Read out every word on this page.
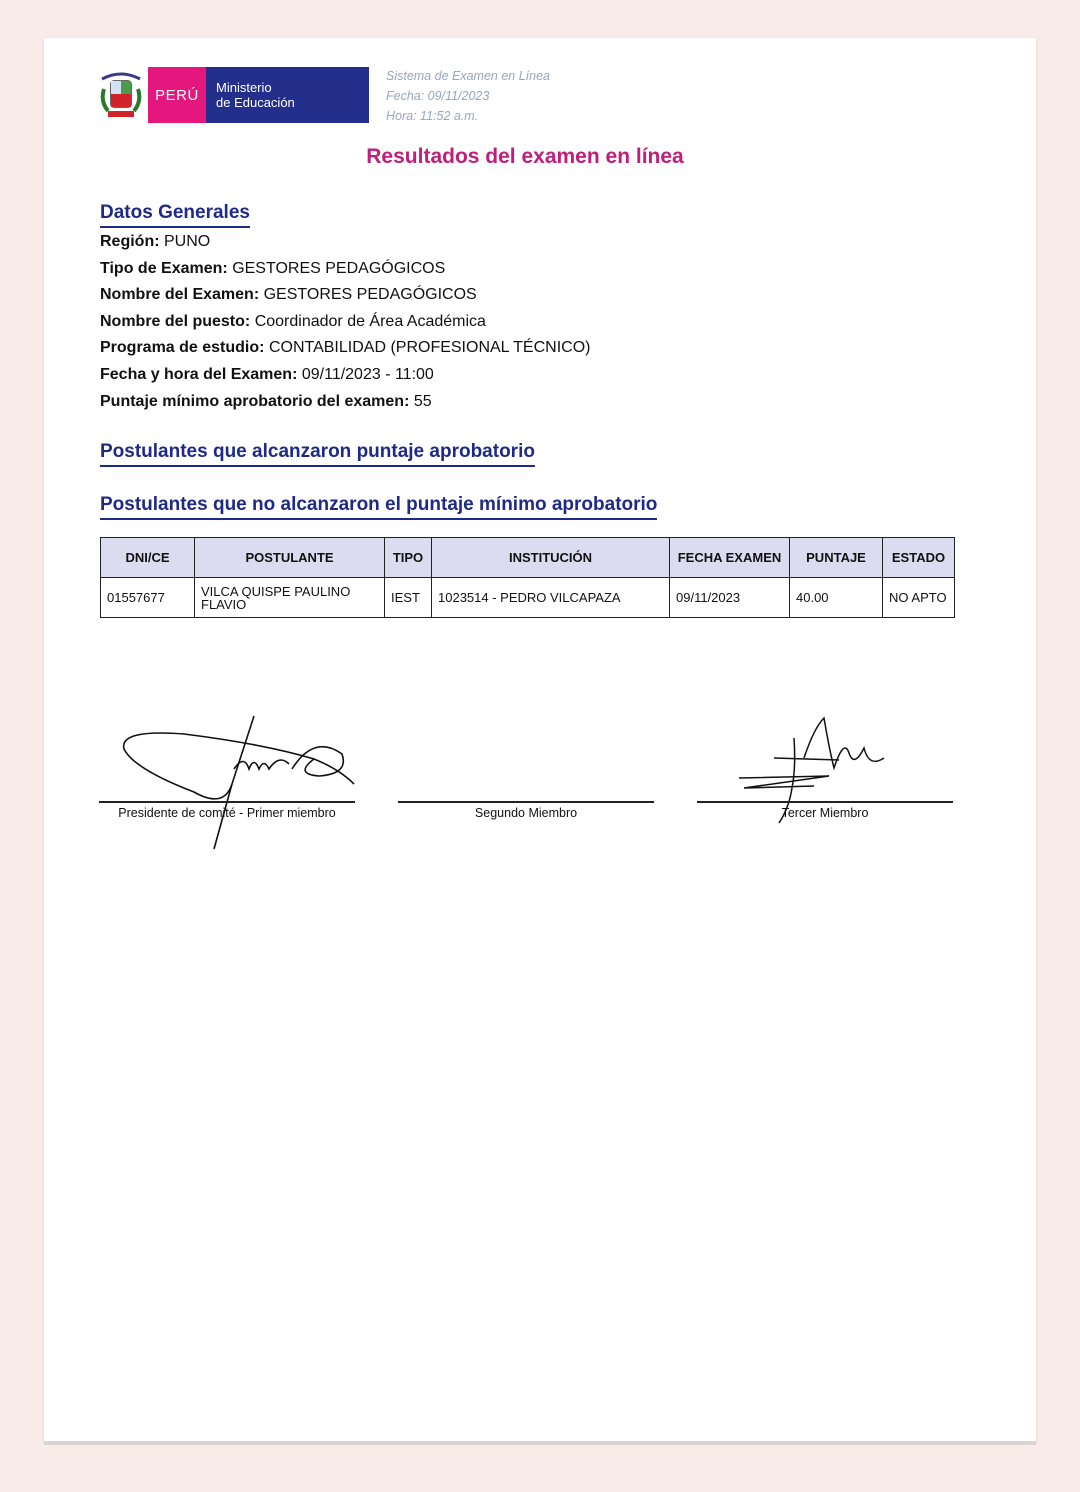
PERÚ	Ministerio
de Educación
Sistema de Examen en Línea
Fecha: 09/11/2023
Hora: 11:52 a.m.
Resultados del examen en línea
Datos Generales
Región: PUNO
Tipo de Examen: GESTORES PEDAGÓGICOS
Nombre del Examen: GESTORES PEDAGÓGICOS
Nombre del puesto: Coordinador de Área Académica
Programa de estudio: CONTABILIDAD (PROFESIONAL TÉCNICO)
Fecha y hora del Examen: 09/11/2023 - 11:00
Puntaje mínimo aprobatorio del examen: 55
Postulantes que alcanzaron puntaje aprobatorio
Postulantes que no alcanzaron el puntaje mínimo aprobatorio
DNI/CE	POSTULANTE	TIPO	INSTITUCIÓN	FECHA EXAMEN	PUNTAJE	ESTADO
01557677	VILCA QUISPE PAULINO FLAVIO	IEST	1023514 - PEDRO VILCAPAZA	09/11/2023	40.00	NO APTO
Presidente de comité - Primer miembro	Segundo Miembro	Tercer Miembro
